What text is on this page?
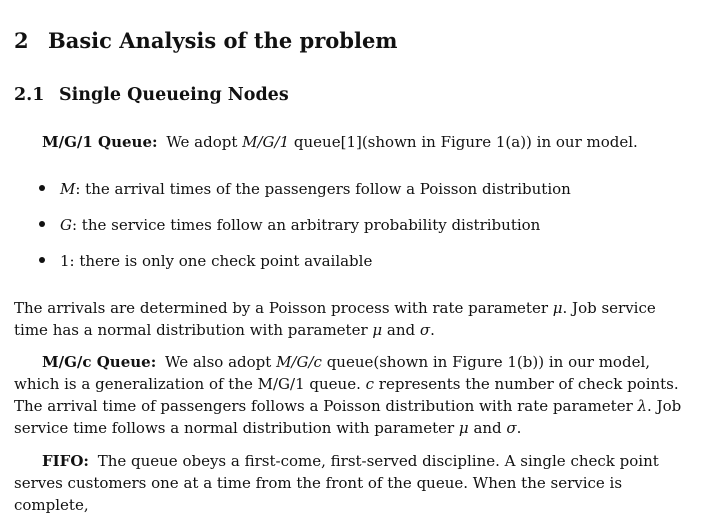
2 Basic Analysis of the problem
2.1 Single Queueing Nodes

M/G/1 Queue: We adopt M/G/1 queue[1](shown in Figure 1(a)) in our model.

M: the arrival times of the passengers follow a Poisson distribution
G: the service times follow an arbitrary probability distribution
1: there is only one check point available

The arrivals are determined by a Poisson process with rate parameter μ. Job service time has a normal distribution with parameter μ and σ.

M/G/c Queue: We also adopt M/G/c queue(shown in Figure 1(b)) in our model, which is a generalization of the M/G/1 queue. c represents the number of check points. The arrival time of passengers follows a Poisson distribution with rate parameter λ. Job service time follows a normal distribution with parameter μ and σ.

FIFO: The queue obeys a first-come, first-served discipline. A single check point serves customers one at a time from the front of the queue. When the service is complete,
